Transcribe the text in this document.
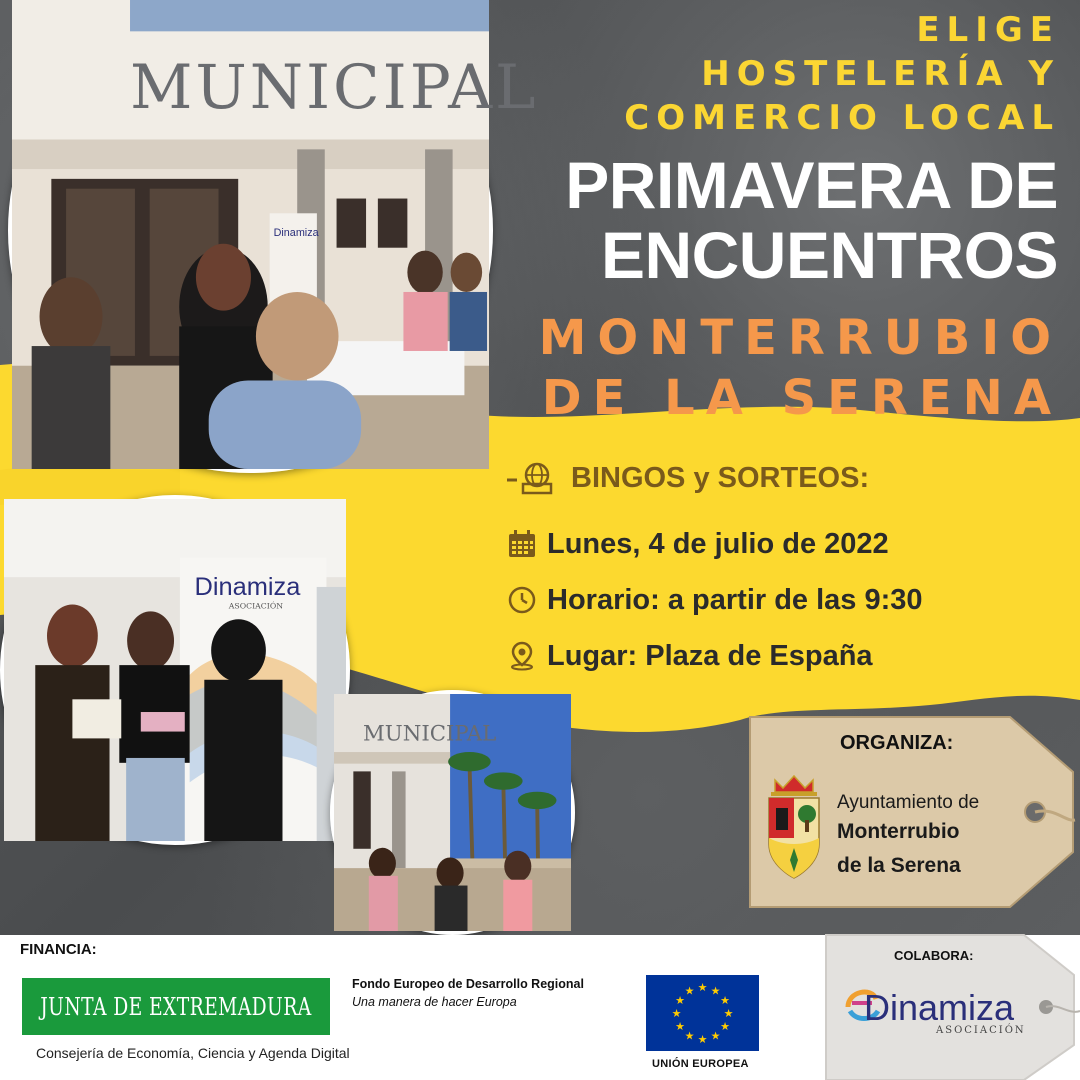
MUNICIPAL
Dinamiza
Dinamiza
ASOCIACIÓN
MUNICIPAL
ELIGE
HOSTELERÍA Y
COMERCIO LOCAL
PRIMAVERA DE
ENCUENTROS
MONTERRUBIO
DE LA SERENA
BINGOS y SORTEOS:
Lunes, 4 de julio de 2022
Horario: a partir de las 9:30
Lugar: Plaza de España
ORGANIZA:
Ayuntamiento de
Monterrubio
de la Serena
FINANCIA:
JUNTA DE EXTREMADURA
Consejería de Economía, Ciencia y Agenda Digital
Fondo Europeo de Desarrollo Regional
Una manera de hacer Europa
★ ★
★
★
★
★
★
★
★
★
★
★
UNIÓN EUROPEA
COLABORA:
Dinamiza
ASOCIACIÓN
